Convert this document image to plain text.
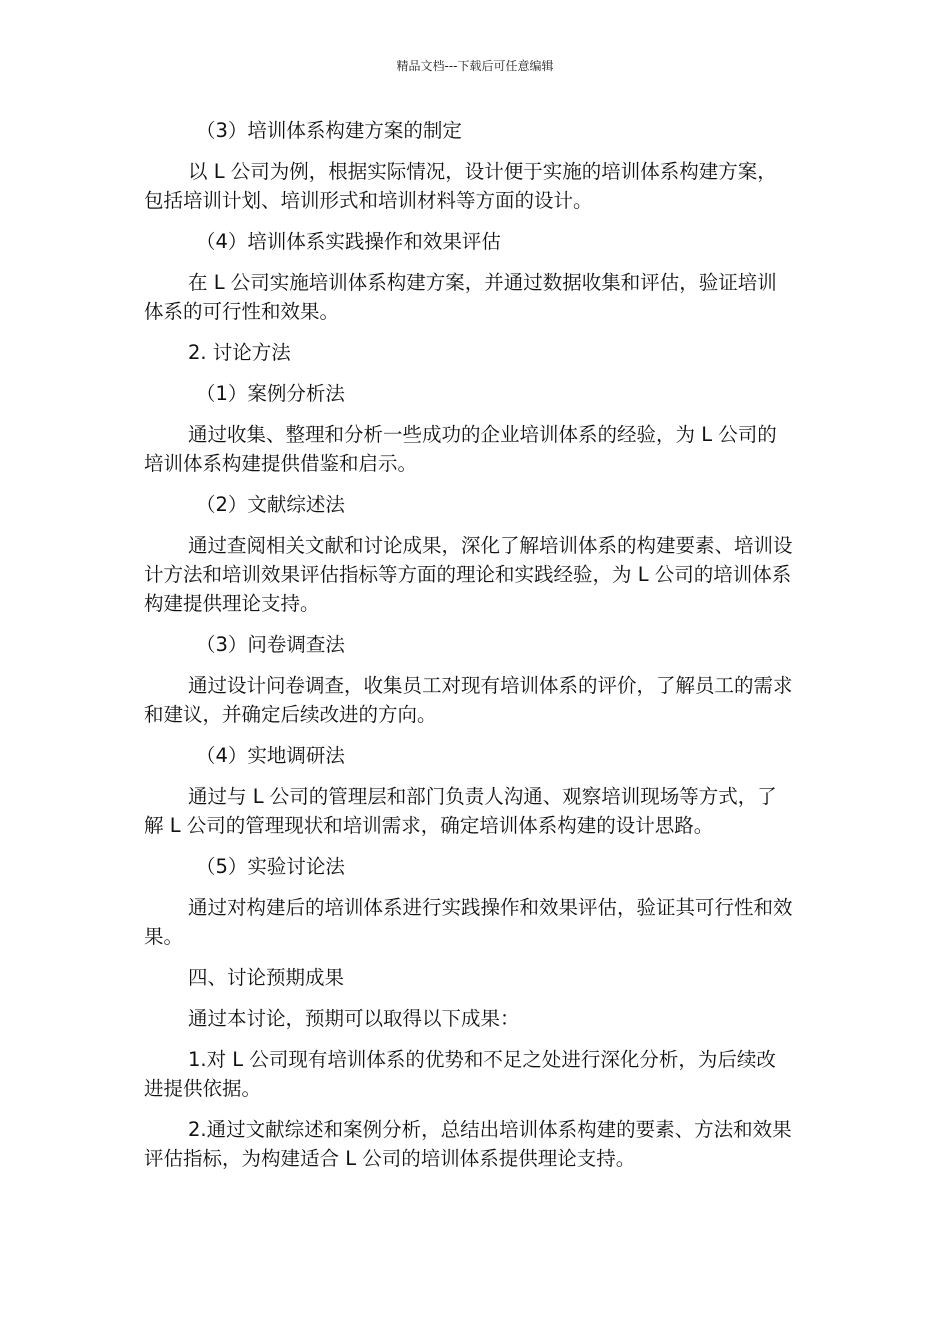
精品文档---下载后可任意编辑

（3）培训体系构建方案的制定

以 L 公司为例，根据实际情况，设计便于实施的培训体系构建方案，包括培训计划、培训形式和培训材料等方面的设计。

（4）培训体系实践操作和效果评估

在 L 公司实施培训体系构建方案，并通过数据收集和评估，验证培训体系的可行性和效果。

2. 讨论方法

（1）案例分析法

通过收集、整理和分析一些成功的企业培训体系的经验，为 L 公司的培训体系构建提供借鉴和启示。

（2）文献综述法

通过查阅相关文献和讨论成果，深化了解培训体系的构建要素、培训设计方法和培训效果评估指标等方面的理论和实践经验，为 L 公司的培训体系构建提供理论支持。

（3）问卷调查法

通过设计问卷调查，收集员工对现有培训体系的评价，了解员工的需求和建议，并确定后续改进的方向。

（4）实地调研法

通过与 L 公司的管理层和部门负责人沟通、观察培训现场等方式，了解 L 公司的管理现状和培训需求，确定培训体系构建的设计思路。

（5）实验讨论法

通过对构建后的培训体系进行实践操作和效果评估，验证其可行性和效果。

四、讨论预期成果

通过本讨论，预期可以取得以下成果：

1.对 L 公司现有培训体系的优势和不足之处进行深化分析，为后续改进提供依据。

2.通过文献综述和案例分析，总结出培训体系构建的要素、方法和效果评估指标，为构建适合 L 公司的培训体系提供理论支持。
